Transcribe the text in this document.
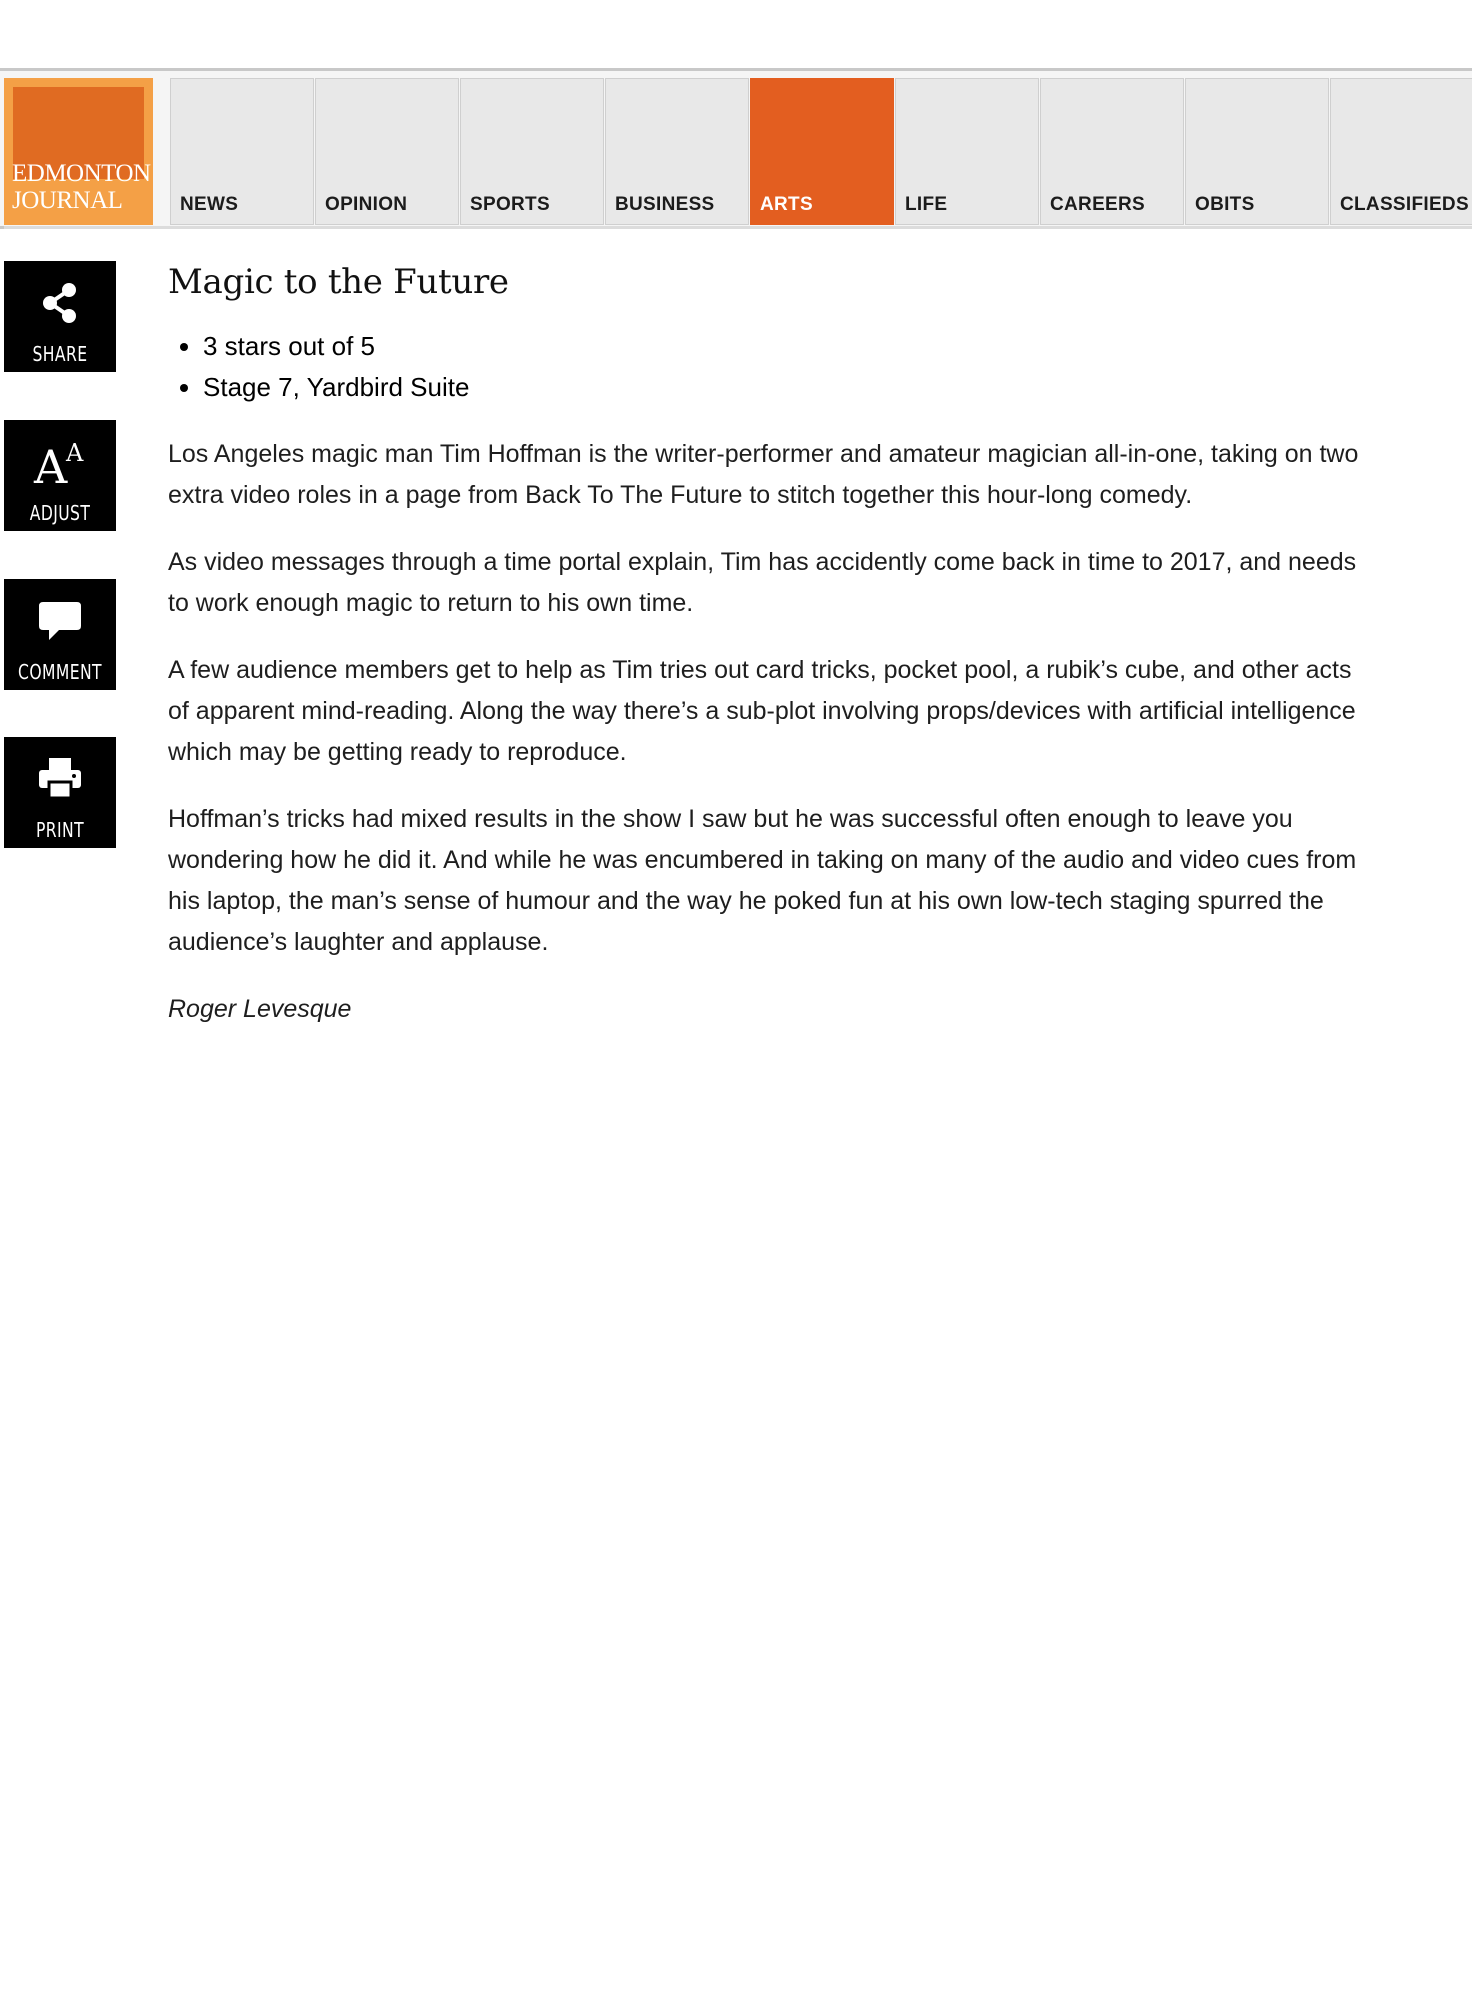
EDMONTON
JOURNAL	NEWS	OPINION	SPORTS	BUSINESS ARTS	LIFE	CAREERS	OBITS	CLASSIFIEDS
SHARE
A
A
ADJUST
COMMENT
PRINT
Magic to the Future
• 3 stars out of 5
• Stage 7, Yardbird Suite

Los Angeles magic man Tim Hoffman is the writer-performer and amateur magician all-in-one, taking on two extra video roles in a page from Back To The Future to stitch together this hour-long comedy.

As video messages through a time portal explain, Tim has accidently come back in time to 2017, and needs to work enough magic to return to his own time.

A few audience members get to help as Tim tries out card tricks, pocket pool, a rubik’s cube, and other acts of apparent mind-reading. Along the way there’s a sub-plot involving props/devices with artificial intelligence which may be getting ready to reproduce.

Hoffman’s tricks had mixed results in the show I saw but he was successful often enough to leave you wondering how he did it. And while he was encumbered in taking on many of the audio and video cues from his laptop, the man’s sense of humour and the way he poked fun at his own low-tech staging spurred the audience’s laughter and applause.

Roger Levesque
